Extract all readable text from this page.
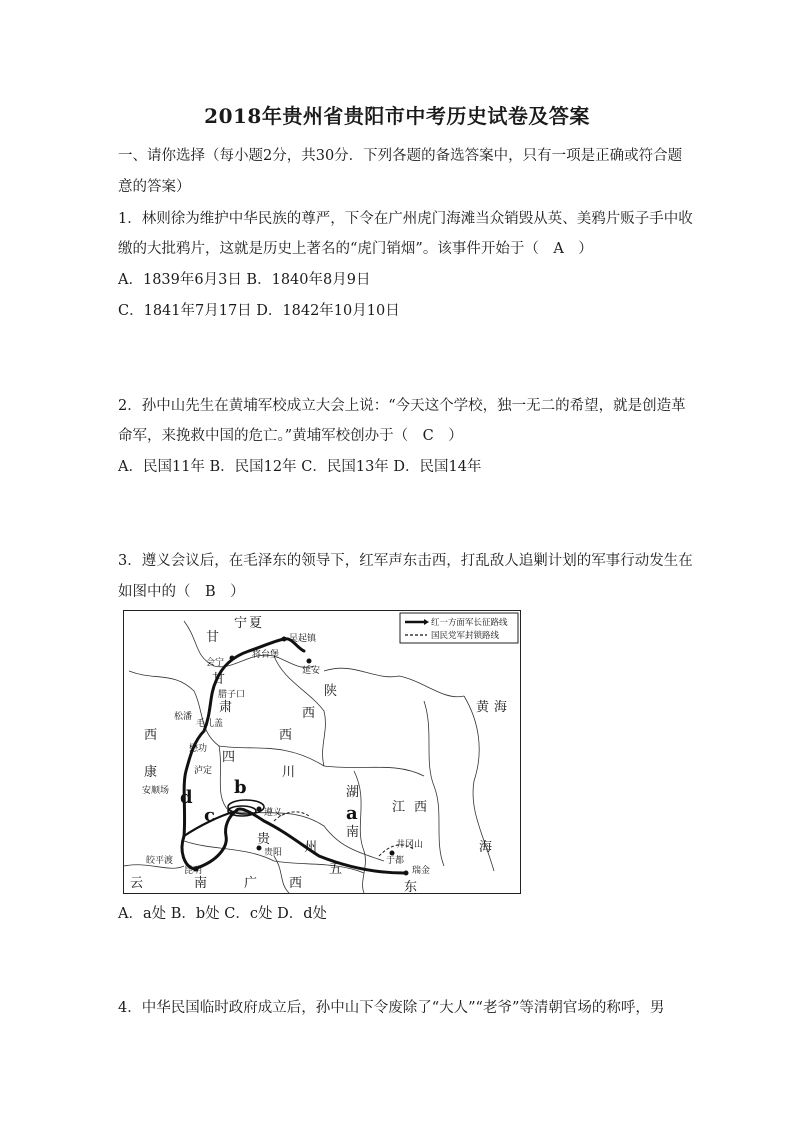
2018年贵州省贵阳市中考历史试卷及答案
一、请你选择（每小题2分，共30分．下列各题的备选答案中，只有一项是正确或符合题
意的答案）
1．林则徐为维护中华民族的尊严，下令在广州虎门海滩当众销毁从英、美鸦片贩子手中收
缴的大批鸦片，这就是历史上著名的“虎门销烟”。该事件开始于（　A　）
A．1839年6月3日 B．1840年8月9日
C．1841年7月17日 D．1842年10月10日
2．孙中山先生在黄埔军校成立大会上说：“今天这个学校，独一无二的希望，就是创造革
命军，来挽救中国的危亡。”黄埔军校创办于（　C　）
A．民国11年 B．民国12年 C．民国13年 D．民国14年
3．遵义会议后，在毛泽东的领导下，红军声东击西，打乱敌人追剿计划的军事行动发生在
如图中的（　B　）
红一方面军长征路线
国民党军封锁路线
甘
宁 夏
陕
西
西
川
四
康
西
甘
肃
湖
南
江 西
贵
州
云	南	广 西	东
海
黄 海
五
吴起镇
延安
会宁
将台堡
腊子口
松潘
毛儿盖
懋功
泸定
安顺场
遵义
贵阳
昆明
皎平渡
瑞金
井冈山
于都
a
b
c
d
A．a处 B．b处 C．c处 D．d处
4．中华民国临时政府成立后，孙中山下令废除了“大人”“老爷”等清朝官场的称呼，男
